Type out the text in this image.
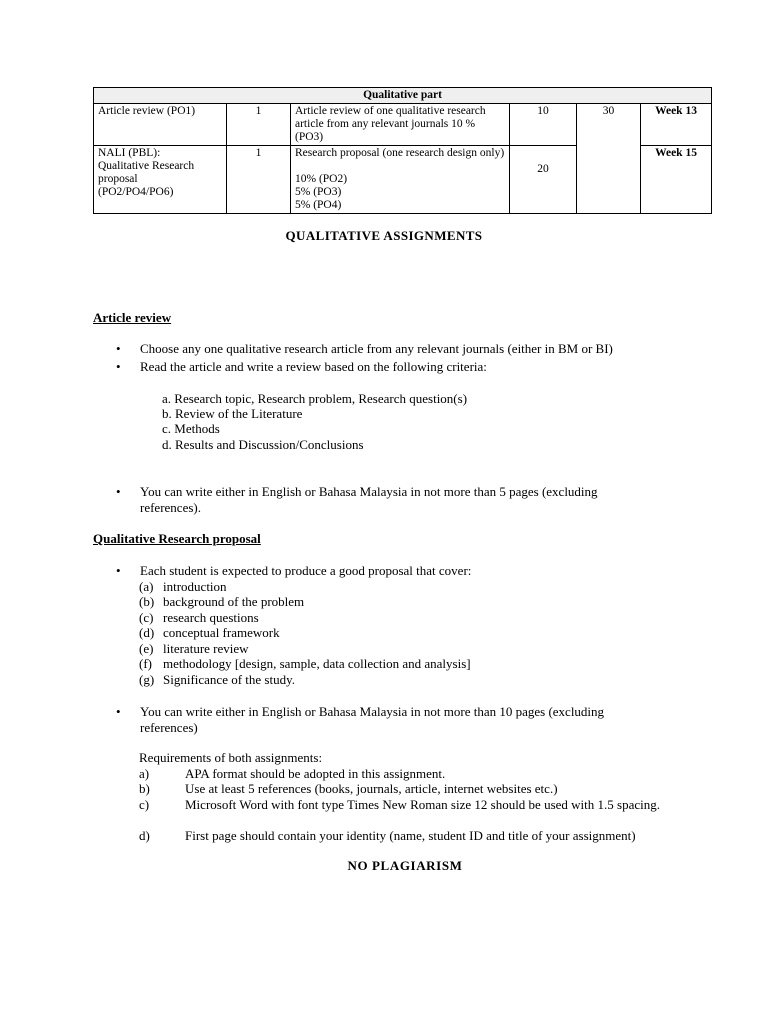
Qualitative part					
Article review (PO1)	1	Article review of one qualitative research article from any relevant journals 10 % (PO3)	10	30	Week 13

NALI (PBL):
Qualitative Research proposal
(PO2/PO4/PO6)	1	Research proposal (one research design only)
10% (PO2)
5% (PO3)
5% (PO4)	20		Week 15
QUALITATIVE ASSIGNMENTS
Article review
• Choose any one qualitative research article from any relevant journals (either in BM or BI)
• Read the article and write a review based on the following criteria:
a. Research topic, Research problem, Research question(s)
b. Review of the Literature
c. Methods
d. Results and Discussion/Conclusions
• You can write either in English or Bahasa Malaysia in not more than 5 pages (excluding references).
Qualitative Research proposal
• Each student is expected to produce a good proposal that cover:
(a) introduction
(b) background of the problem
(c) research questions
(d) conceptual framework
(e) literature review
(f) methodology [design, sample, data collection and analysis]
(g) Significance of the study.
• You can write either in English or Bahasa Malaysia in not more than 10 pages (excluding references)
Requirements of both assignments:
a)	APA format should be adopted in this assignment.
b)	Use at least 5 references (books, journals, article, internet websites etc.)
c)	Microsoft Word with font type Times New Roman size 12 should be used with 1.5 spacing.
d)	First page should contain your identity (name, student ID and title of your assignment)
NO PLAGIARISM
